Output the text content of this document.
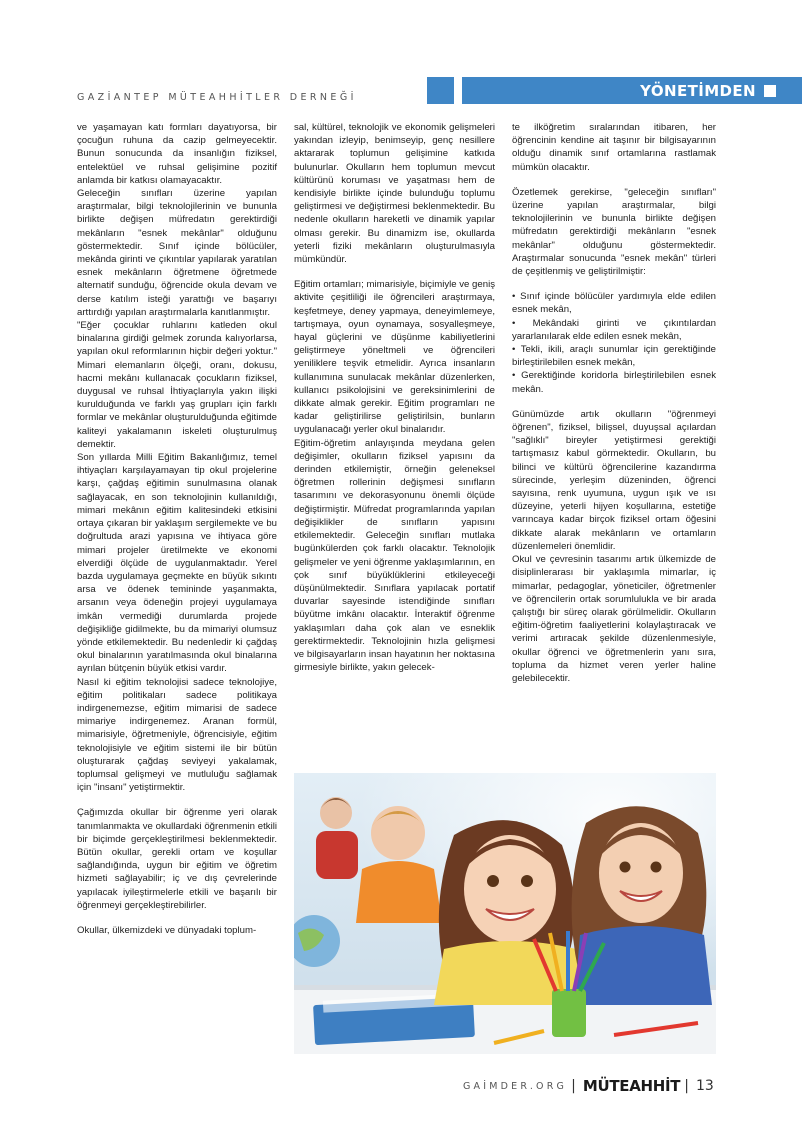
GAZİANTEP MÜTEAHHİTLER DERNEĞİ	YÖNETİMDEN

ve yaşamayan katı formları dayatıyorsa, bir çocuğun ruhuna da cazip gelmeyecektir. Bunun sonucunda da insanlığın fiziksel, entelektüel ve ruhsal gelişimine pozitif anlamda bir katkısı olamayacaktır.

Geleceğin sınıfları üzerine yapılan araştırmalar, bilgi teknolojilerinin ve bununla birlikte değişen müfredatın gerektirdiği mekânların "esnek mekânlar" olduğunu göstermektedir. Sınıf içinde bölücüler, mekânda girinti ve çıkıntılar yapılarak yaratılan esnek mekânların öğretmene öğretmede alternatif sunduğu, öğrencide okula devam ve derse katılım isteği yarattığı ve başarıyı arttırdığı yapılan araştırmalarla kanıtlanmıştır.

"Eğer çocuklar ruhlarını katleden okul binalarına girdiği gelmek zorunda kalıyorlarsa, yapılan okul reformlarının hiçbir değeri yoktur." Mimari elemanların ölçeği, oranı, dokusu, hacmi mekânı kullanacak çocukların fiziksel, duygusal ve ruhsal İhtiyaçlarıyla yakın ilişki kurulduğunda ve farklı yaş grupları için farklı formlar ve mekânlar oluşturulduğunda eğitimde kaliteyi yakalamanın iskeleti oluşturulmuş demektir.

Son yıllarda Milli Eğitim Bakanlığımız, temel ihtiyaçları karşılayamayan tip okul projelerine karşı, çağdaş eğitimin sunulmasına olanak sağlayacak, en son teknolojinin kullanıldığı, mimari mekânın eğitim kalitesindeki etkisini ortaya çıkaran bir yaklaşım sergilemekte ve bu doğrultuda arazi yapısına ve ihtiyaca göre mimari projeler üretilmekte ve ekonomi elverdiği ölçüde de uygulanmaktadır. Yerel bazda uygulamaya geçmekte en büyük sıkıntı arsa ve ödenek temininde yaşanmakta, arsanın veya ödeneğin projeyi uygulamaya imkân vermediği durumlarda projede değişikliğe gidilmekte, bu da mimariyi olumsuz yönde etkilemektedir. Bu nedenledir ki çağdaş okul binalarının yaratılmasında okul binalarına ayrılan bütçenin büyük etkisi vardır.

Nasıl ki eğitim teknolojisi sadece teknolojiye, eğitim politikaları sadece politikaya indirgenemezse, eğitim mimarisi de sadece mimariye indirgenemez. Aranan formül, mimarisiyle, öğretmeniyle, öğrencisiyle, eğitim teknolojisiyle ve eğitim sistemi ile bir bütün oluşturarak çağdaş seviyeyi yakalamak, toplumsal gelişmeyi ve mutluluğu sağlamak için "insanı" yetiştirmektir.

Çağımızda okullar bir öğrenme yeri olarak tanımlanmakta ve okullardaki öğrenmenin etkili bir biçimde gerçekleştirilmesi beklenmektedir. Bütün okullar, gerekli ortam ve koşullar sağlandığında, uygun bir eğitim ve öğretim hizmeti sağlayabilir; iç ve dış çevrelerinde yapılacak iyileştirmelerle etkili ve başarılı bir öğrenmeyi gerçekleştirebilirler.

Okullar, ülkemizdeki ve dünyadaki toplum-

sal, kültürel, teknolojik ve ekonomik gelişmeleri yakından izleyip, benimseyip, genç nesillere aktararak toplumun gelişimine katkıda bulunurlar. Okulların hem toplumun mevcut kültürünü koruması ve yaşatması hem de kendisiyle birlikte içinde bulunduğu toplumu geliştirmesi ve değiştirmesi beklenmektedir. Bu nedenle okulların hareketli ve dinamik yapılar olması gerekir. Bu dinamizm ise, okullarda yeterli fiziki mekânların oluşturulmasıyla mümkündür.

Eğitim ortamları; mimarisiyle, biçimiyle ve geniş aktivite çeşitliliği ile öğrencileri araştırmaya, keşfetmeye, deney yapmaya, deneyimlemeye, tartışmaya, oyun oynamaya, sosyalleşmeye, hayal güçlerini ve düşünme kabiliyetlerini geliştirmeye yöneltmeli ve öğrencileri yeniliklere teşvik etmelidir. Ayrıca insanların kullanımına sunulacak mekânlar düzenlerken, kullanıcı psikolojisini ve gereksinimlerini de dikkate almak gerekir. Eğitim programları ne kadar geliştirilirse geliştirilsin, bunların uygulanacağı yerler okul binalarıdır.

Eğitim-öğretim anlayışında meydana gelen değişimler, okulların fiziksel yapısını da derinden etkilemiştir, örneğin geleneksel öğretmen rollerinin değişmesi sınıfların tasarımını ve dekorasyonunu önemli ölçüde değiştirmiştir. Müfredat programlarında yapılan değişiklikler de sınıfların yapısını etkilemektedir. Geleceğin sınıfları mutlaka bugünkülerden çok farklı olacaktır. Teknolojik gelişmeler ve yeni öğrenme yaklaşımlarının, en çok sınıf büyüklüklerini etkileyeceği düşünülmektedir. Sınıflara yapılacak portatif duvarlar sayesinde istendiğinde sınıfları büyütme imkânı olacaktır. İnteraktif öğrenme yaklaşımları daha çok alan ve esneklik gerektirmektedir. Teknolojinin hızla gelişmesi ve bilgisayarların insan hayatının her noktasına girmesiyle birlikte, yakın gelecek-

te ilköğretim sıralarından itibaren, her öğrencinin kendine ait taşınır bir bilgisayarının olduğu dinamik sınıf ortamlarına rastlamak mümkün olacaktır.

Özetlemek gerekirse, "geleceğin sınıfları" üzerine yapılan araştırmalar, bilgi teknolojilerinin ve bununla birlikte değişen müfredatın gerektirdiği mekânların "esnek mekânlar" olduğunu göstermektedir. Araştırmalar sonucunda "esnek mekân" türleri de çeşitlenmiş ve geliştirilmiştir:

• Sınıf içinde bölücüler yardımıyla elde edilen esnek mekân,

• Mekândaki girinti ve çıkıntılardan yararlanılarak elde edilen esnek mekân,

• Tekli, ikili, araçlı sunumlar için gerektiğinde birleştirilebilen esnek mekân,

• Gerektiğinde koridorla birleştirilebilen esnek mekân.

Günümüzde artık okulların "öğrenmeyi öğrenen", fiziksel, bilişsel, duyuşsal açılardan "sağlıklı" bireyler yetiştirmesi gerektiği tartışmasız kabul görmektedir. Okulların, bu bilinci ve kültürü öğrencilerine kazandırma sürecinde, yerleşim düzeninden, öğrenci sayısına, renk uyumuna, uygun ışık ve ısı düzeyine, yeterli hijyen koşullarına, estetiğe varıncaya kadar birçok fiziksel ortam öğesini dikkate alarak mekânların ve ortamların düzenlemeleri önemlidir.

Okul ve çevresinin tasarımı artık ülkemizde de disiplinlerarası bir yaklaşımla mimarlar, iç mimarlar, pedagoglar, yöneticiler, öğretmenler ve öğrencilerin ortak sorumlulukla ve bir arada çalıştığı bir süreç olarak görülmelidir. Okulların eğitim-öğretim faaliyetlerini kolaylaştıracak ve verimi artıracak şekilde düzenlenmesiyle, okullar öğrenci ve öğretmenlerin yanı sıra, topluma da hizmet veren yerler haline gelebilecektir.

GAİMDER.ORG | MÜTEAHHİT | 13
